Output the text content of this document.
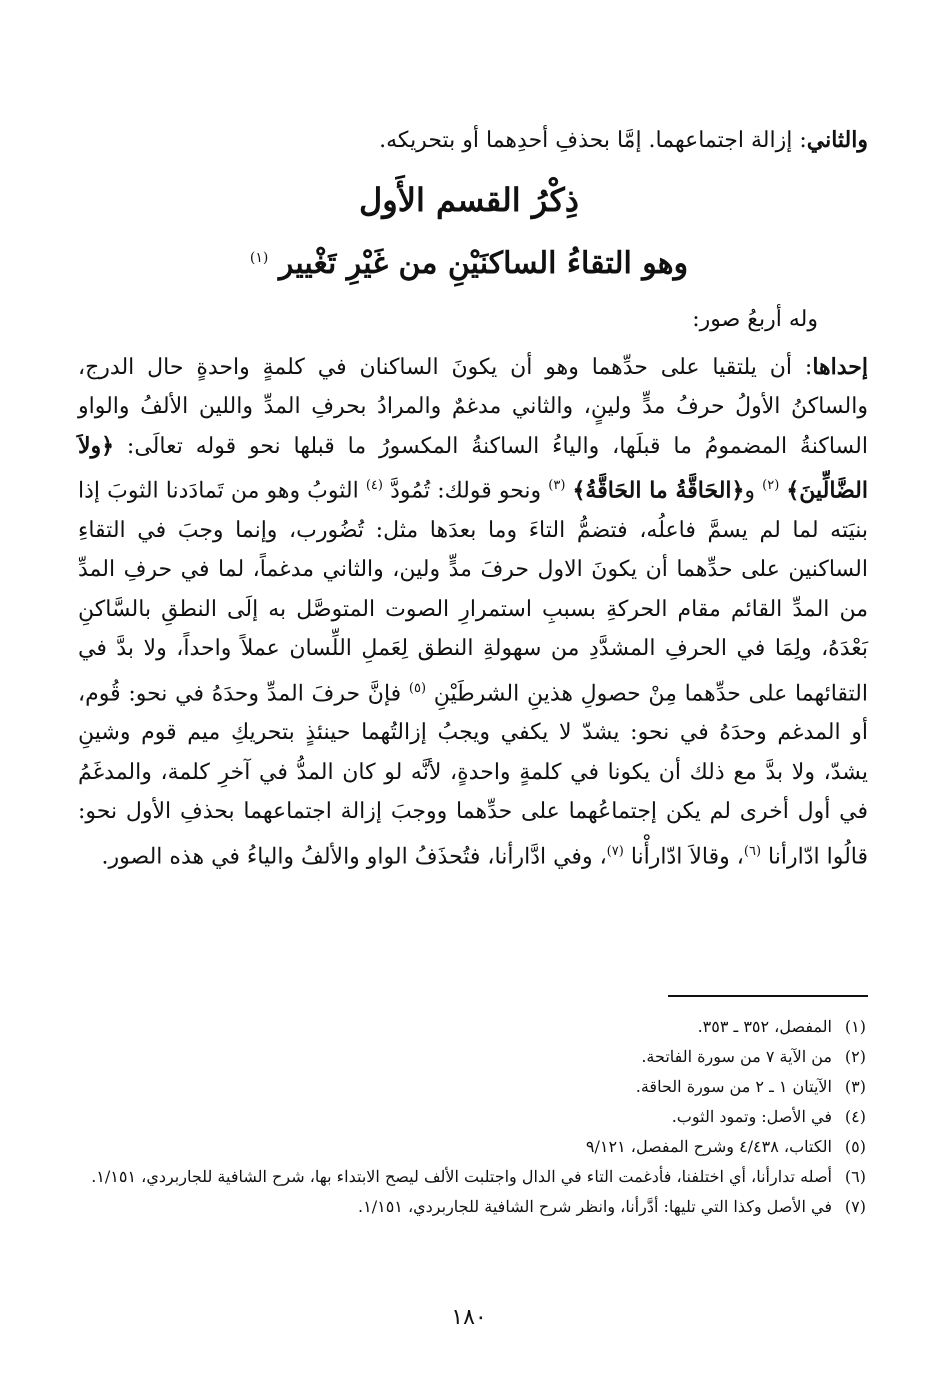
والثاني: إزالة اجتماعهما. إمَّا بحذفِ أحدِهما أو بتحريكه.
ذِكْرُ القسم الأَول
وهو التقاءُ الساكنَيْنِ من غَيْرِ تَغْيير $^{(١)}$
وله أربعُ صور:
إحداها: أن يلتقيا على حدِّهما وهو أن يكونَ الساكنان في كلمةٍ واحدةٍ حال الدرج، والساكنُ الأولُ حرفُ مدٍّ ولينٍ، والثاني مدغمٌ والمرادُ بحرفِ المدِّ واللين الألفُ والواو الساكنةُ المضمومُ ما قبلَها، والياءُ الساكنةُ المكسورُ ما قبلها نحو قوله تعالَى: ﴿ولاَ الضَّالِّينَ﴾ $^{(٢)}$ و﴿الحَاقَّةُ ما الحَاقَّةُ﴾ $^{(٣)}$ ونحو قولك: تُمُودَّ $^{(٤)}$ الثوبُ وهو من تَمادَدنا الثوبَ إذا بنيَته لما لم يسمَّ فاعلُه، فتضمُّ التاءَ وما بعدَها مثل: تُضُورب، وإنما وجبَ في التقاءِ الساكنين على حدِّهما أن يكونَ الاول حرفَ مدٍّ ولين، والثاني مدغماً، لما في حرفِ المدِّ من المدِّ القائم مقام الحركةِ بسببِ استمرارِ الصوت المتوصَّل به إلَى النطقِ بالسَّاكنِ بَعْدَهُ، ولِمَا في الحرفِ المشدَّدِ من سهولةِ النطق لِعَملِ اللِّسان عملاً واحداً، ولا بدَّ في التقائهما على حدِّهما مِنْ حصولِ هذينِ الشرطَيْنِ $^{(٥)}$ فإنَّ حرفَ المدِّ وحدَهُ في نحو: قُوم، أو المدغم وحدَهُ في نحو: يشدّ لا يكفي ويجبُ إزالتُهما حينئذٍ بتحريكِ ميم قوم وشينِ يشدّ، ولا بدَّ مع ذلك أن يكونا في كلمةٍ واحدةٍ، لأنَّه لو كان المدُّ في آخرِ كلمة، والمدغَمُ في أول أخرى لم يكن إجتماعُهما على حدِّهما ووجبَ إزالة اجتماعهما بحذفِ الأول نحو: قالُوا ادّارأنا $^{(٦)}$، وقالاَ ادّارأْنا $^{(٧)}$، وفي ادَّارأنا، فتُحذَفُ الواو والألفُ والياءُ في هذه الصور.
(١)
المفصل، ٣٥٢ ـ ٣٥٣.
(٢)
من الآية ٧ من سورة الفاتحة.
(٣)
الآيتان ١ ـ ٢ من سورة الحاقة.
(٤)
في الأصل: وتمود الثوب.
(٥)
الكتاب، ٤/٤٣٨ وشرح المفصل، ٩/١٢١
(٦)
أصله تدارأنا، أي اختلفنا، فأدغمت التاء في الدال واجتلبت الألف ليصح الابتداء بها، شرح الشافية للجاربردي، ١/١٥١.
(٧)
في الأصل وكذا التي تليها: أدَّرأنا، وانظر شرح الشافية للجاربردي، ١/١٥١.
١٨٠
